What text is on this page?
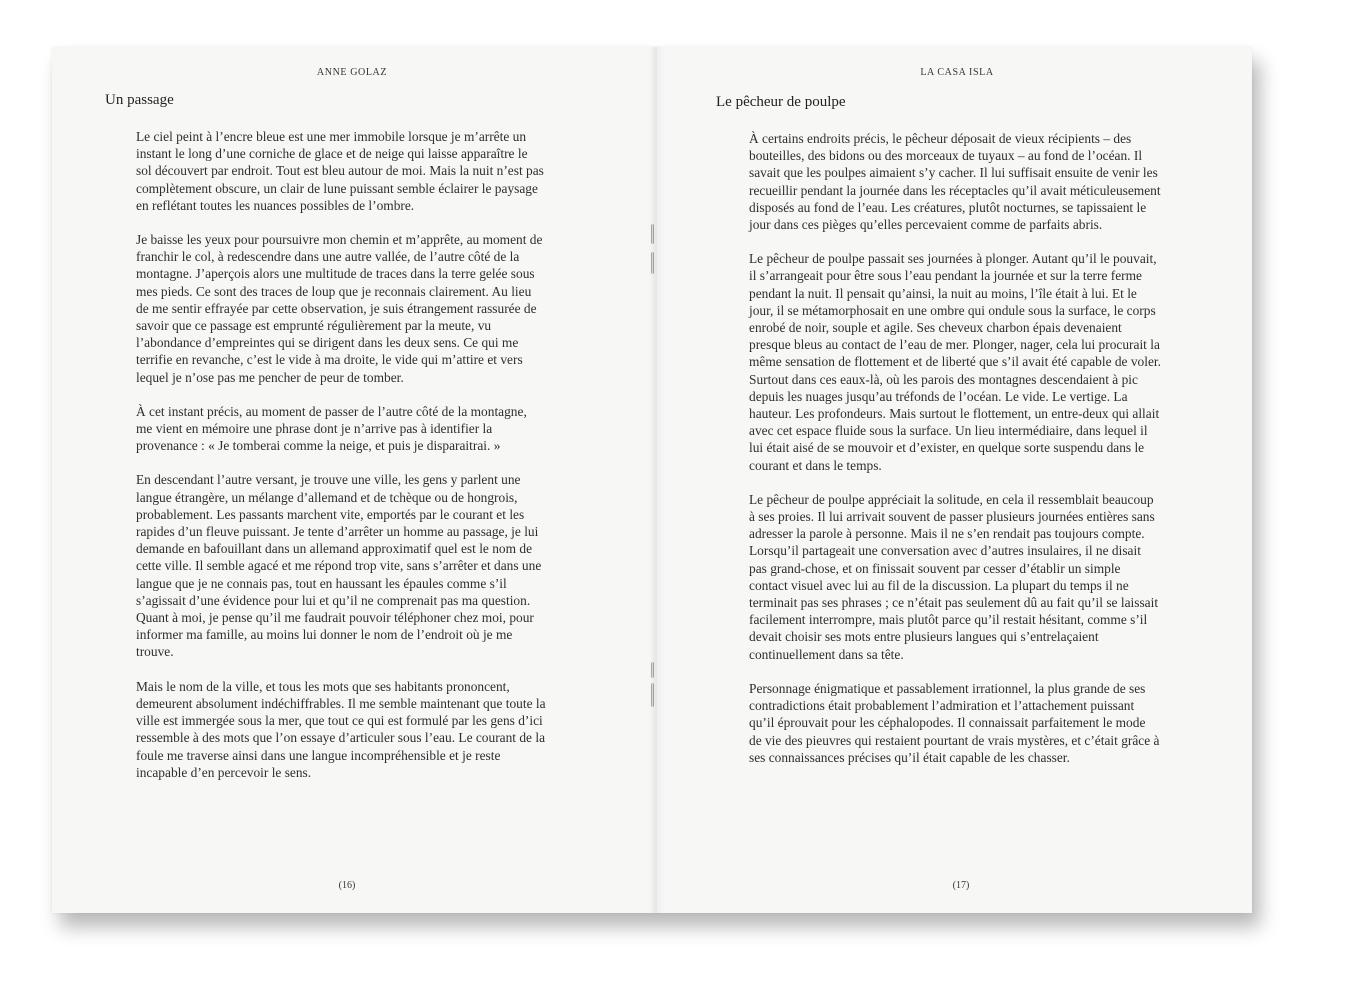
ANNE GOLAZ
Un passage

Le ciel peint à l’encre bleue est une mer immobile lorsque je m’arrête un instant le long d’une corniche de glace et de neige qui laisse apparaître le sol découvert par endroit. Tout est bleu autour de moi. Mais la nuit n’est pas complètement obscure, un clair de lune puissant semble éclairer le paysage en reflétant toutes les nuances possibles de l’ombre.

Je baisse les yeux pour poursuivre mon chemin et m’apprête, au moment de franchir le col, à redescendre dans une autre vallée, de l’autre côté de la montagne. J’aperçois alors une multitude de traces dans la terre gelée sous mes pieds. Ce sont des traces de loup que je reconnais clairement. Au lieu de me sentir effrayée par cette observation, je suis étrangement rassurée de savoir que ce passage est emprunté régulièrement par la meute, vu l’abondance d’empreintes qui se dirigent dans les deux sens. Ce qui me terrifie en revanche, c’est le vide à ma droite, le vide qui m’attire et vers lequel je n’ose pas me pencher de peur de tomber.

À cet instant précis, au moment de passer de l’autre côté de la montagne, me vient en mémoire une phrase dont je n’arrive pas à identifier la provenance : « Je tomberai comme la neige, et puis je disparaitrai. »

En descendant l’autre versant, je trouve une ville, les gens y parlent une langue étrangère, un mélange d’allemand et de tchèque ou de hongrois, probablement. Les passants marchent vite, emportés par le courant et les rapides d’un fleuve puissant. Je tente d’arrêter un homme au passage, je lui demande en bafouillant dans un allemand approximatif quel est le nom de cette ville. Il semble agacé et me répond trop vite, sans s’arrêter et dans une langue que je ne connais pas, tout en haussant les épaules comme s’il s’agissait d’une évidence pour lui et qu’il ne comprenait pas ma question. Quant à moi, je pense qu’il me faudrait pouvoir téléphoner chez moi, pour informer ma famille, au moins lui donner le nom de l’endroit où je me trouve.

Mais le nom de la ville, et tous les mots que ses habitants prononcent, demeurent absolument indéchiffrables. Il me semble maintenant que toute la ville est immergée sous la mer, que tout ce qui est formulé par les gens d’ici ressemble à des mots que l’on essaye d’articuler sous l’eau. Le courant de la foule me traverse ainsi dans une langue incompréhensible et je reste incapable d’en percevoir le sens.

(16)
LA CASA ISLA
Le pêcheur de poulpe

À certains endroits précis, le pêcheur déposait de vieux récipients – des bouteilles, des bidons ou des morceaux de tuyaux – au fond de l’océan. Il savait que les poulpes aimaient s’y cacher. Il lui suffisait ensuite de venir les recueillir pendant la journée dans les réceptacles qu’il avait méticuleusement disposés au fond de l’eau. Les créatures, plutôt nocturnes, se tapissaient le jour dans ces pièges qu’elles percevaient comme de parfaits abris.

Le pêcheur de poulpe passait ses journées à plonger. Autant qu’il le pouvait, il s’arrangeait pour être sous l’eau pendant la journée et sur la terre ferme pendant la nuit. Il pensait qu’ainsi, la nuit au moins, l’île était à lui. Et le jour, il se métamorphosait en une ombre qui ondule sous la surface, le corps enrobé de noir, souple et agile. Ses cheveux charbon épais devenaient presque bleus au contact de l’eau de mer. Plonger, nager, cela lui procurait la même sensation de flottement et de liberté que s’il avait été capable de voler. Surtout dans ces eaux-là, où les parois des montagnes descendaient à pic depuis les nuages jusqu’au tréfonds de l’océan. Le vide. Le vertige. La hauteur. Les profondeurs. Mais surtout le flottement, un entre-deux qui allait avec cet espace fluide sous la surface. Un lieu intermédiaire, dans lequel il lui était aisé de se mouvoir et d’exister, en quelque sorte suspendu dans le courant et dans le temps.

Le pêcheur de poulpe appréciait la solitude, en cela il ressemblait beaucoup à ses proies. Il lui arrivait souvent de passer plusieurs journées entières sans adresser la parole à personne. Mais il ne s’en rendait pas toujours compte. Lorsqu’il partageait une conversation avec d’autres insulaires, il ne disait pas grand-chose, et on finissait souvent par cesser d’établir un simple contact visuel avec lui au fil de la discussion. La plupart du temps il ne terminait pas ses phrases ; ce n’était pas seulement dû au fait qu’il se laissait facilement interrompre, mais plutôt parce qu’il restait hésitant, comme s’il devait choisir ses mots entre plusieurs langues qui s’entrelaçaient continuellement dans sa tête.

Personnage énigmatique et passablement irrationnel, la plus grande de ses contradictions était probablement l’admiration et l’attachement puissant qu’il éprouvait pour les céphalopodes. Il connaissait parfaitement le mode de vie des pieuvres qui restaient pourtant de vrais mystères, et c’était grâce à ses connaissances précises qu’il était capable de les chasser.

(17)
